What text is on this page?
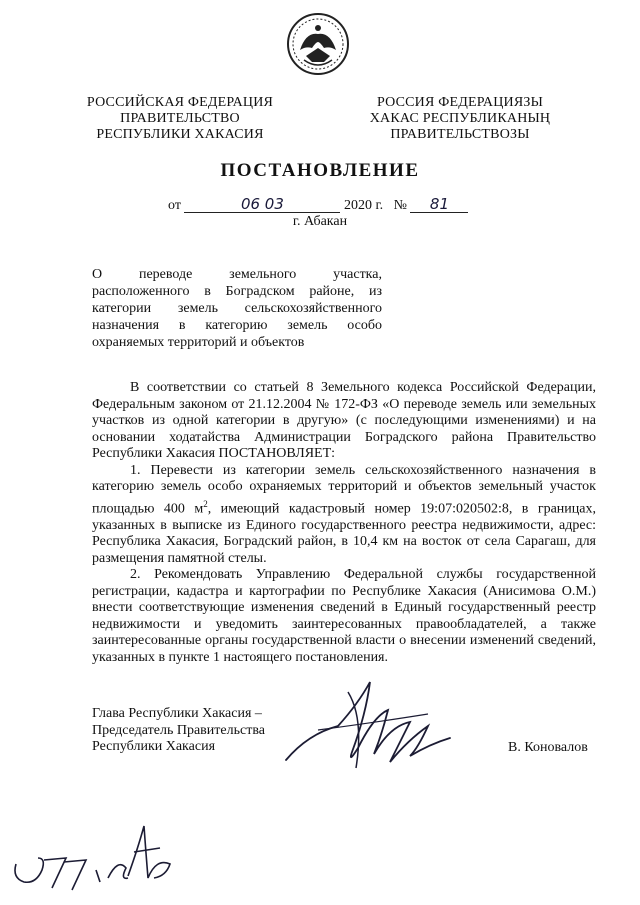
РОССИЙСКАЯ ФЕДЕРАЦИЯ
ПРАВИТЕЛЬСТВО
РЕСПУБЛИКИ ХАКАСИЯ
РОССИЯ ФЕДЕРАЦИЯЗЫ
ХАКАС РЕСПУБЛИКАНЫҢ
ПРАВИТЕЛЬСТВОЗЫ
ПОСТАНОВЛЕНИЕ
от	06 03	2020 г. № 81
г. Абакан
О переводе земельного участка, расположенного в Боградском районе, из категории земель сельскохозяйственного назначения в категорию земель особо охраняемых территорий и объектов

В соответствии со статьей 8 Земельного кодекса Российской Федерации, Федеральным законом от 21.12.2004 № 172-ФЗ «О переводе земель или земельных участков из одной категории в другую» (с последующими изменениями) и на основании ходатайства Администрации Боградского района Правительство Республики Хакасия ПОСТАНОВЛЯЕТ:

1. Перевести из категории земель сельскохозяйственного назначения в категорию земель особо охраняемых территорий и объектов земельный участок площадью 400 $м^2$, имеющий кадастровый номер 19:07:020502:8, в границах, указанных в выписке из Единого государственного реестра недвижимости, адрес: Республика Хакасия, Боградский район, в 10,4 км на восток от села Сарагаш, для размещения памятной стелы.

2. Рекомендовать Управлению Федеральной службы государственной регистрации, кадастра и картографии по Республике Хакасия (Анисимова О.М.) внести соответствующие изменения сведений в Единый государственный реестр недвижимости и уведомить заинтересованных правообладателей, а также заинтересованные органы государственной власти о внесении изменений сведений, указанных в пункте 1 настоящего постановления.

Глава Республики Хакасия –
Председатель Правительства
Республики Хакасия	В. Коновалов
